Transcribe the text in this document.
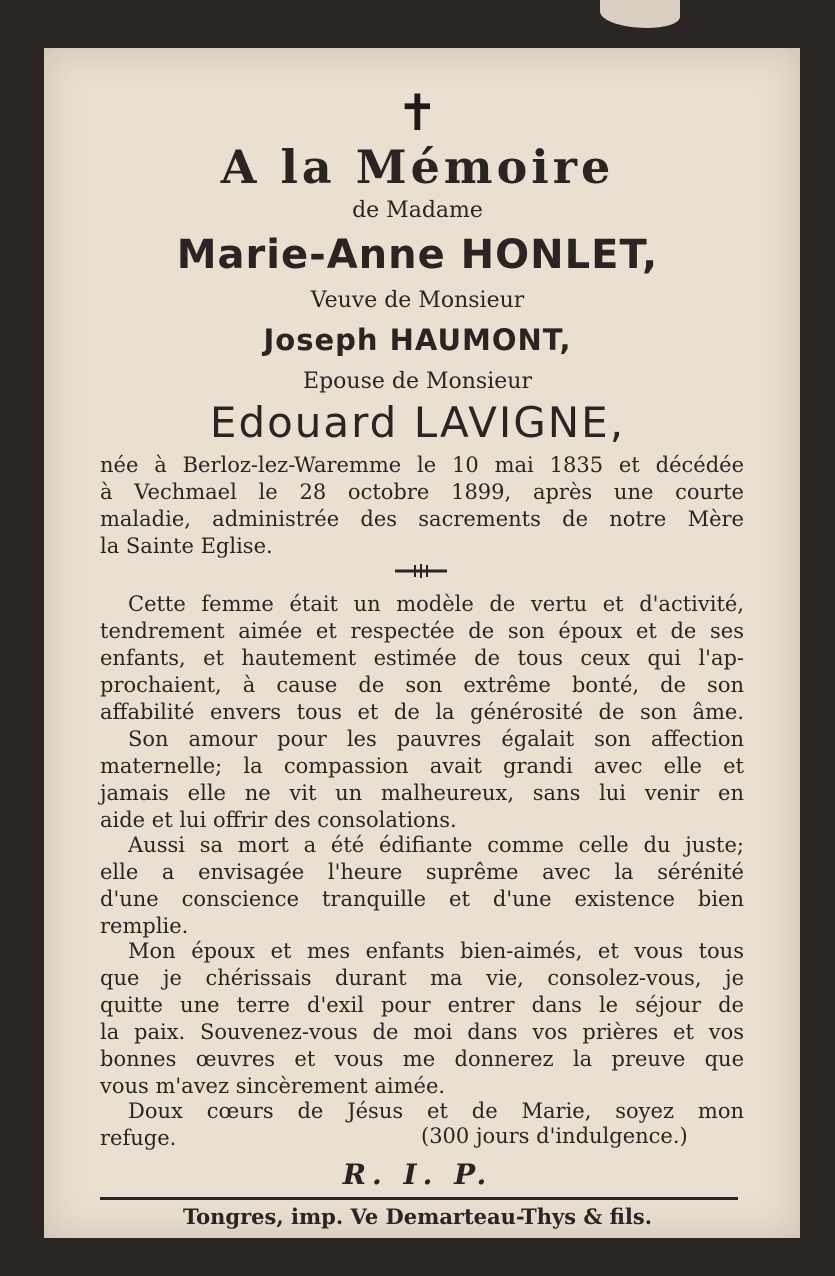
✝
A la Mémoire
de Madame
Marie-Anne HONLET,
Veuve de Monsieur
Joseph HAUMONT,
Epouse de Monsieur
Edouard LAVIGNE,
née à Berloz-lez-Waremme le 10 mai 1835 et décédée
à Vechmael le 28 octobre 1899, après une courte
maladie, administrée des sacrements de notre Mère
la Sainte Eglise.
Cette femme était un modèle de vertu et d'activité,
tendrement aimée et respectée de son époux et de ses
enfants, et hautement estimée de tous ceux qui l'ap-
prochaient, à cause de son extrême bonté, de son
affabilité envers tous et de la générosité de son âme.
Son amour pour les pauvres égalait son affection
maternelle; la compassion avait grandi avec elle et
jamais elle ne vit un malheureux, sans lui venir en
aide et lui offrir des consolations.
Aussi sa mort a été édifiante comme celle du juste;
elle a envisagée l'heure suprême avec la sérénité
d'une conscience tranquille et d'une existence bien
remplie.
Mon époux et mes enfants bien-aimés, et vous tous
que je chérissais durant ma vie, consolez-vous, je
quitte une terre d'exil pour entrer dans le séjour de
la paix. Souvenez-vous de moi dans vos prières et vos
bonnes œuvres et vous me donnerez la preuve que
vous m'avez sincèrement aimée.
Doux cœurs de Jésus et de Marie, soyez mon
refuge.	(300 jours d'indulgence.)
R. I. P.
Tongres, imp. Ve Demarteau-Thys & fils.
